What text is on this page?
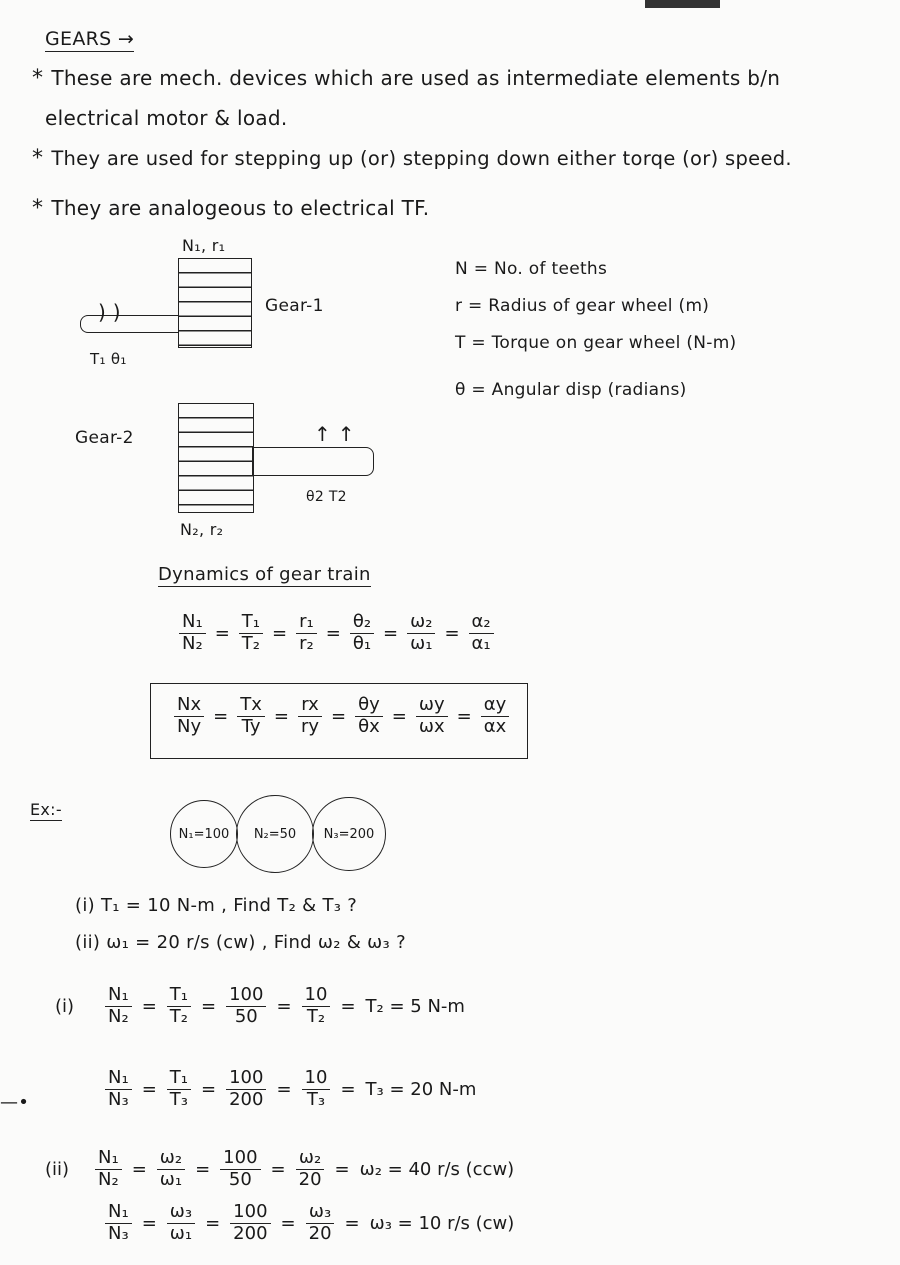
GEARS →
* These are mech. devices which are used as intermediate elements b/n
electrical motor & load.
* They are used for stepping up (or) stepping down either torqe (or) speed.
* They are analogeous to electrical TF.
N₁, r₁
) )
T₁ θ₁
Gear-1
Gear-2	↑ ↑
θ2 T2
N₂, r₂
N = No. of teeths
r = Radius of gear wheel (m)
T = Torque on gear wheel (N-m)
θ = Angular disp (radians)
Dynamics of gear train
$\frac{\text{N₁}}{\text{N₂}} = \frac{\text{T₁}}{\text{T₂}} = \frac{\text{r₁}}{\text{r₂}} = \frac{\text{θ₂}}{\text{θ₁}} = \frac{\text{ω₂}}{\text{ω₁}} = \frac{\text{α₂}}{\text{α₁}}$
$\frac{Nx}{Ny} = \frac{Tx}{Ty} = \frac{rx}{ry} = \frac{\theta y}{\theta x} = \frac{\omega y}{\omega x} = \frac{\alpha y}{\alpha x}$
Ex:-
N₁=100 N₂=50 N₃=200
(i) T₁ = 10 N-m , Find T₂ & T₃ ?
(ii) ω₁ = 20 r/s (cw) , Find ω₂ & ω₃ ?
(i)	$\frac{\text{N₁}}{\text{N₂}} = \frac{\text{T₁}}{\text{T₂}} = \frac{100}{50} = \frac{10}{\text{T₂}} = T_2 = 5$ N-m
—•	$\frac{\text{N₁}}{\text{N₃}} = \frac{\text{T₁}}{\text{T₃}} = \frac{100}{200} = \frac{10}{\text{T₃}} = T_3 = 20$ N-m
(ii)	$\frac{\text{N₁}}{\text{N₂}} = \frac{\text{ω₂}}{\text{ω₁}} = \frac{100}{50} = \frac{\text{ω₂}}{20} = \omega_2 = 40$ r/s (ccw)
$\frac{\text{N₁}}{\text{N₃}} = \frac{\text{ω₃}}{\text{ω₁}} = \frac{100}{200} = \frac{\text{ω₃}}{20} = \omega_3 = 10$ r/s (cw)
